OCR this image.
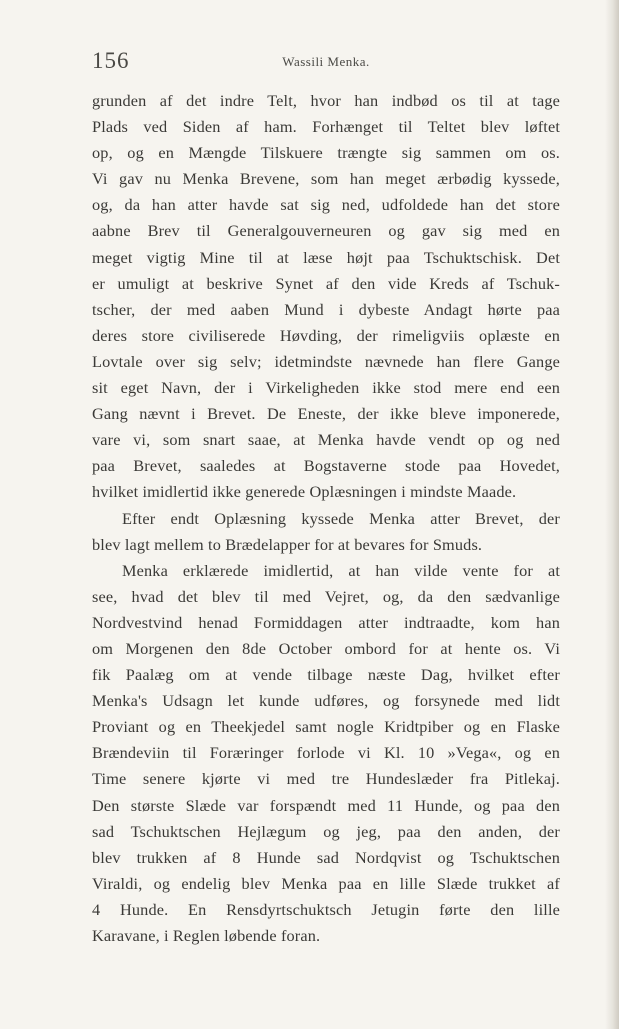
156	Wassili Menka.
grunden af det indre Telt, hvor han indbød os til at tage
Plads ved Siden af ham. Forhænget til Teltet blev løftet
op, og en Mængde Tilskuere trængte sig sammen om os.
Vi gav nu Menka Brevene, som han meget ærbødig kyssede,
og, da han atter havde sat sig ned, udfoldede han det store
aabne Brev til Generalgouverneuren og gav sig med en
meget vigtig Mine til at læse højt paa Tschuktschisk. Det
er umuligt at beskrive Synet af den vide Kreds af Tschuk-
tscher, der med aaben Mund i dybeste Andagt hørte paa
deres store civiliserede Høvding, der rimeligviis oplæste en
Lovtale over sig selv; idetmindste nævnede han flere Gange
sit eget Navn, der i Virkeligheden ikke stod mere end een
Gang nævnt i Brevet. De Eneste, der ikke bleve imponerede,
vare vi, som snart saae, at Menka havde vendt op og ned
paa Brevet, saaledes at Bogstaverne stode paa Hovedet,
hvilket imidlertid ikke generede Oplæsningen i mindste Maade.
Efter endt Oplæsning kyssede Menka atter Brevet, der
blev lagt mellem to Brædelapper for at bevares for Smuds.
Menka erklærede imidlertid, at han vilde vente for at
see, hvad det blev til med Vejret, og, da den sædvanlige
Nordvestvind henad Formiddagen atter indtraadte, kom han
om Morgenen den 8de October ombord for at hente os. Vi
fik Paalæg om at vende tilbage næste Dag, hvilket efter
Menka's Udsagn let kunde udføres, og forsynede med lidt
Proviant og en Theekjedel samt nogle Kridtpiber og en Flaske
Brændeviin til Foræringer forlode vi Kl. 10 »Vega«, og en
Time senere kjørte vi med tre Hundeslæder fra Pitlekaj.
Den største Slæde var forspændt med 11 Hunde, og paa den
sad Tschuktschen Hejlægum og jeg, paa den anden, der
blev trukken af 8 Hunde sad Nordqvist og Tschuktschen
Viraldi, og endelig blev Menka paa en lille Slæde trukket af
4 Hunde. En Rensdyrtschuktsch Jetugin førte den lille
Karavane, i Reglen løbende foran.
